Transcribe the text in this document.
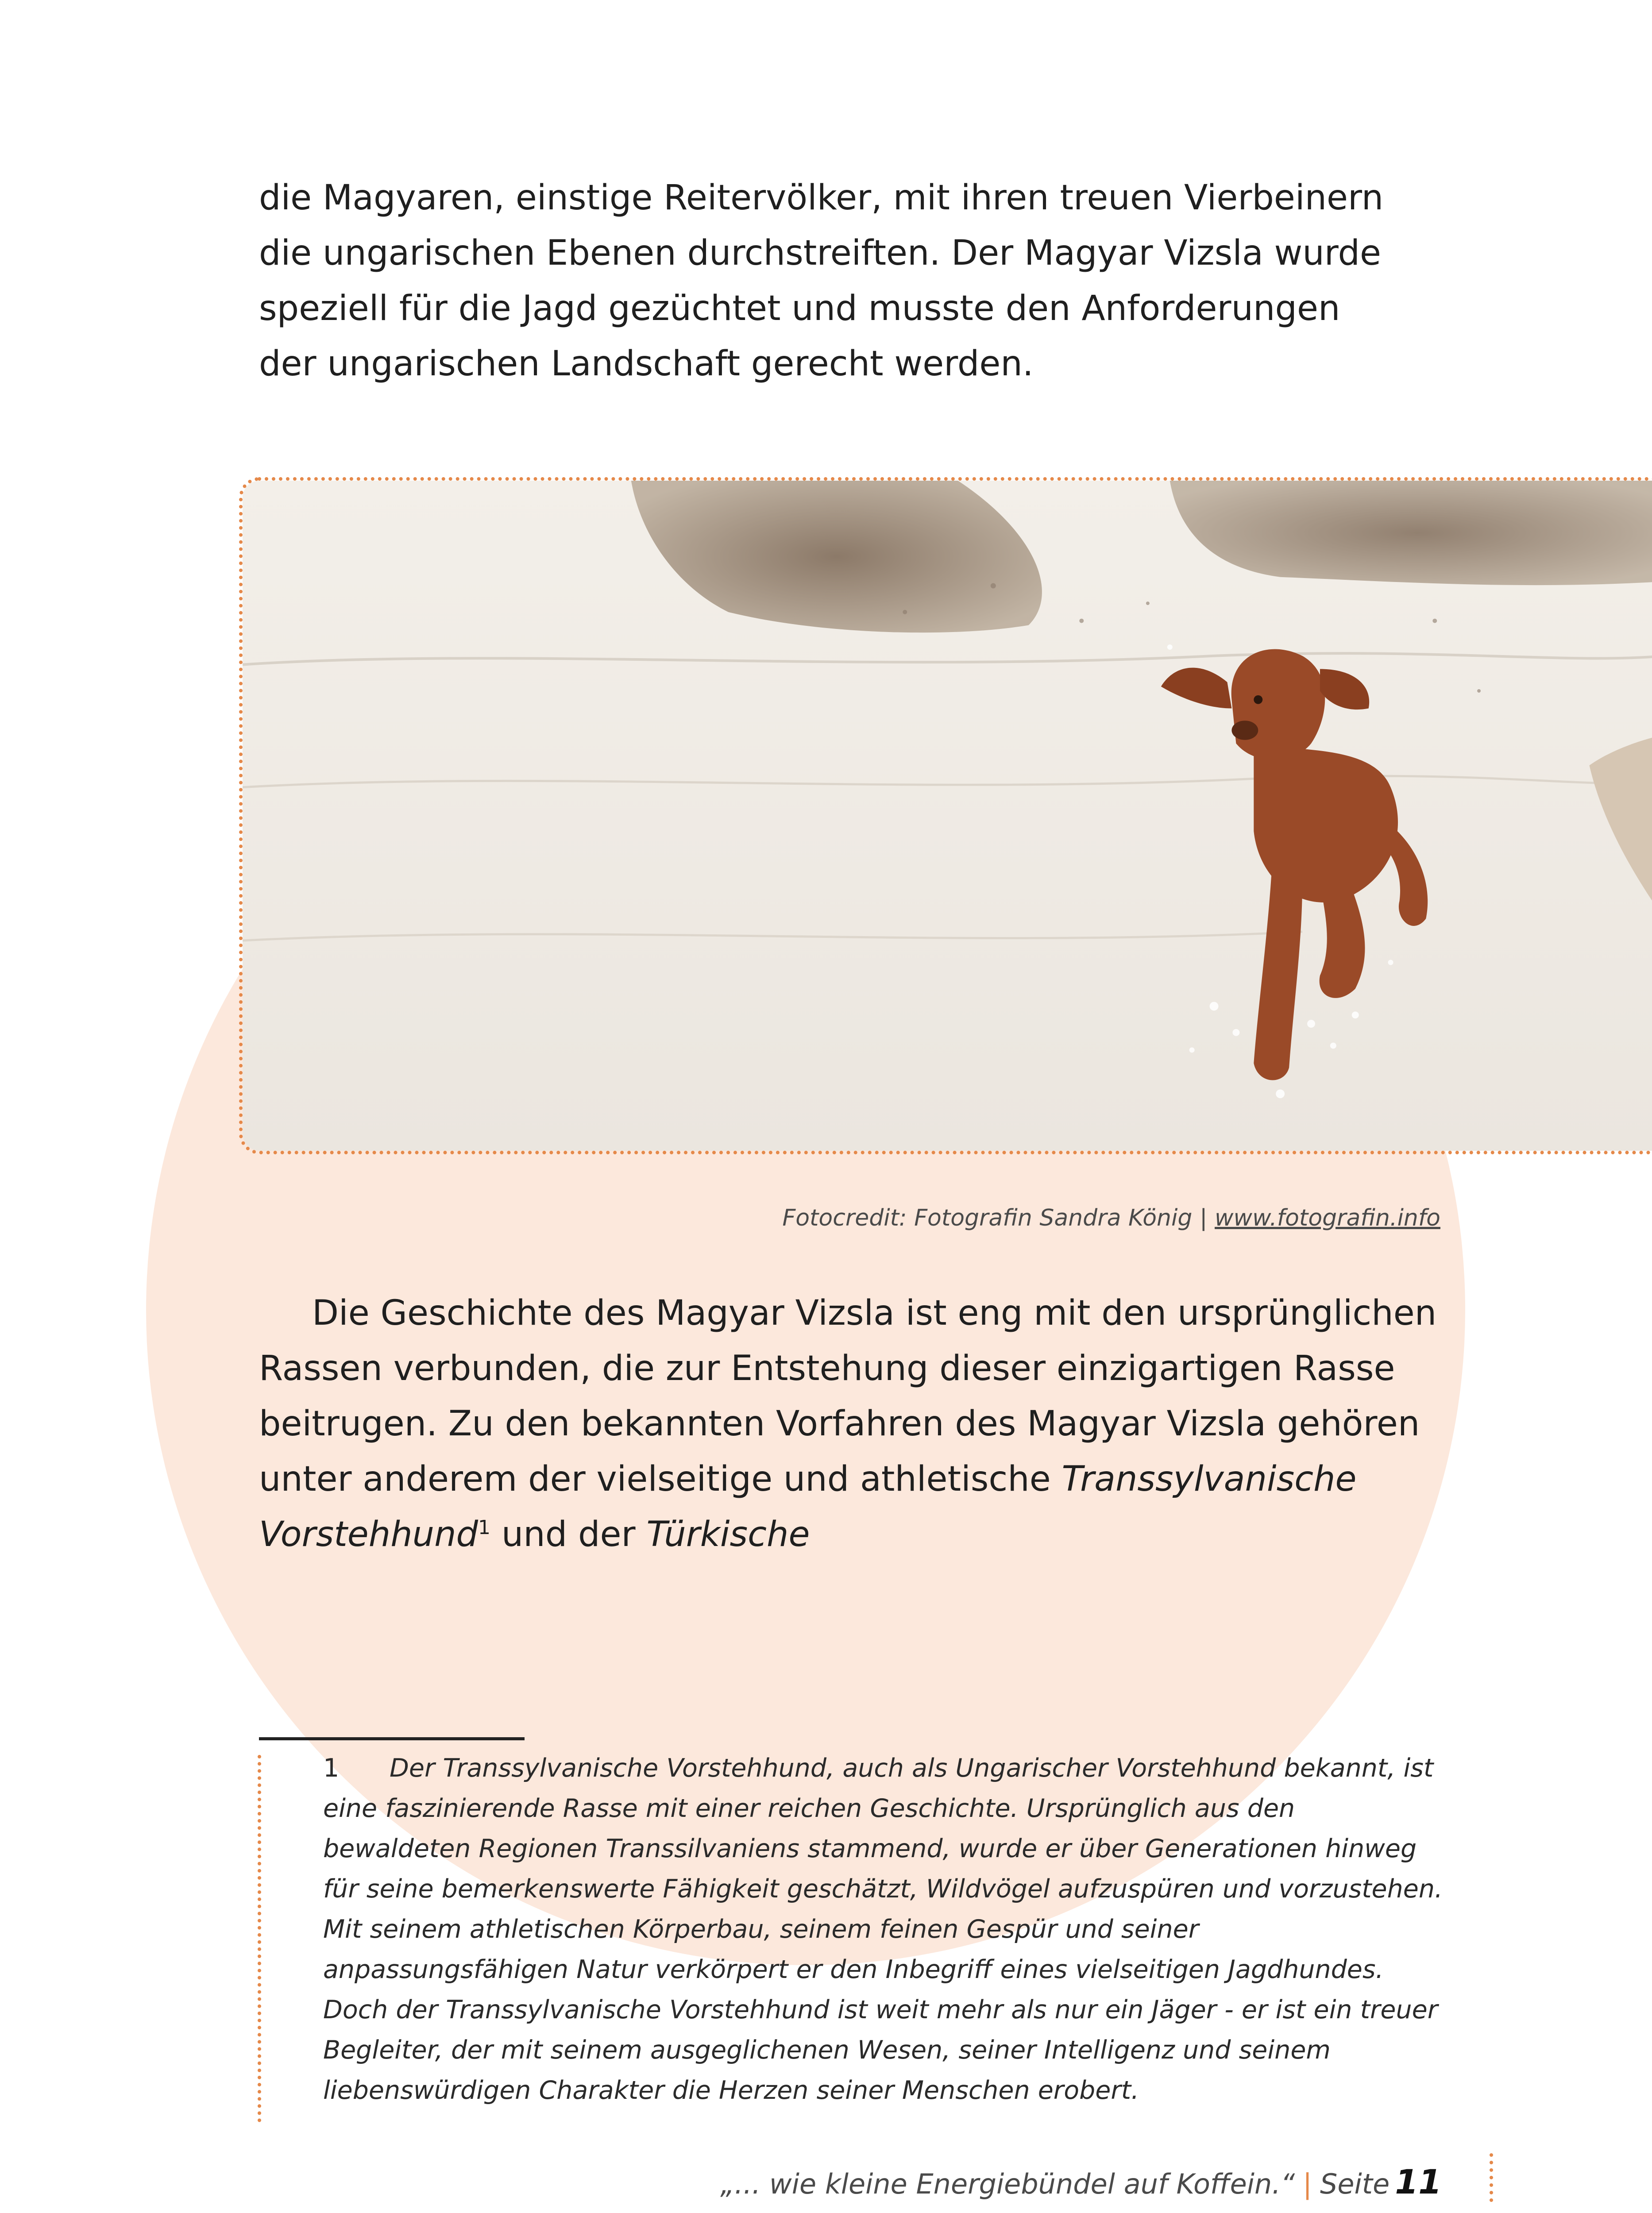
die Magyaren, einstige Reitervölker, mit ihren treuen Vierbeinern

die ungarischen Ebenen durchstreiften. Der Magyar Vizsla wurde

speziell für die Jagd gezüchtet und musste den Anforderungen

der ungarischen Landschaft gerecht werden.

Fotocredit: Fotografin Sandra König | www.fotografin.info

Die Geschichte des Magyar Vizsla ist eng mit den ursprünglichen Rassen verbunden, die zur Entstehung dieser einzigartigen Rasse beitrugen. Zu den bekannten Vorfahren des Magyar Vizsla gehören unter anderem der vielseitige und athletische Transsylvanische Vorstehhund$^1$ und der Türkische

1 Der Transsylvanische Vorstehhund, auch als Ungarischer Vorstehhund bekannt, ist eine faszinierende Rasse mit einer reichen Geschichte. Ursprünglich aus den bewaldeten Regionen Transsilvaniens stammend, wurde er über Generationen hinweg für seine bemerkenswerte Fähigkeit geschätzt, Wildvögel aufzuspüren und vorzustehen. Mit seinem athletischen Körperbau, seinem feinen Gespür und seiner anpassungsfähigen Natur verkörpert er den Inbegriff eines vielseitigen Jagdhundes. Doch der Transsylvanische Vorstehhund ist weit mehr als nur ein Jäger - er ist ein treuer Begleiter, der mit seinem ausgeglichenen Wesen, seiner Intelligenz und seinem liebenswürdigen Charakter die Herzen seiner Menschen erobert.
„... wie kleine Energiebündel auf Koffein.“ | Seite 11
